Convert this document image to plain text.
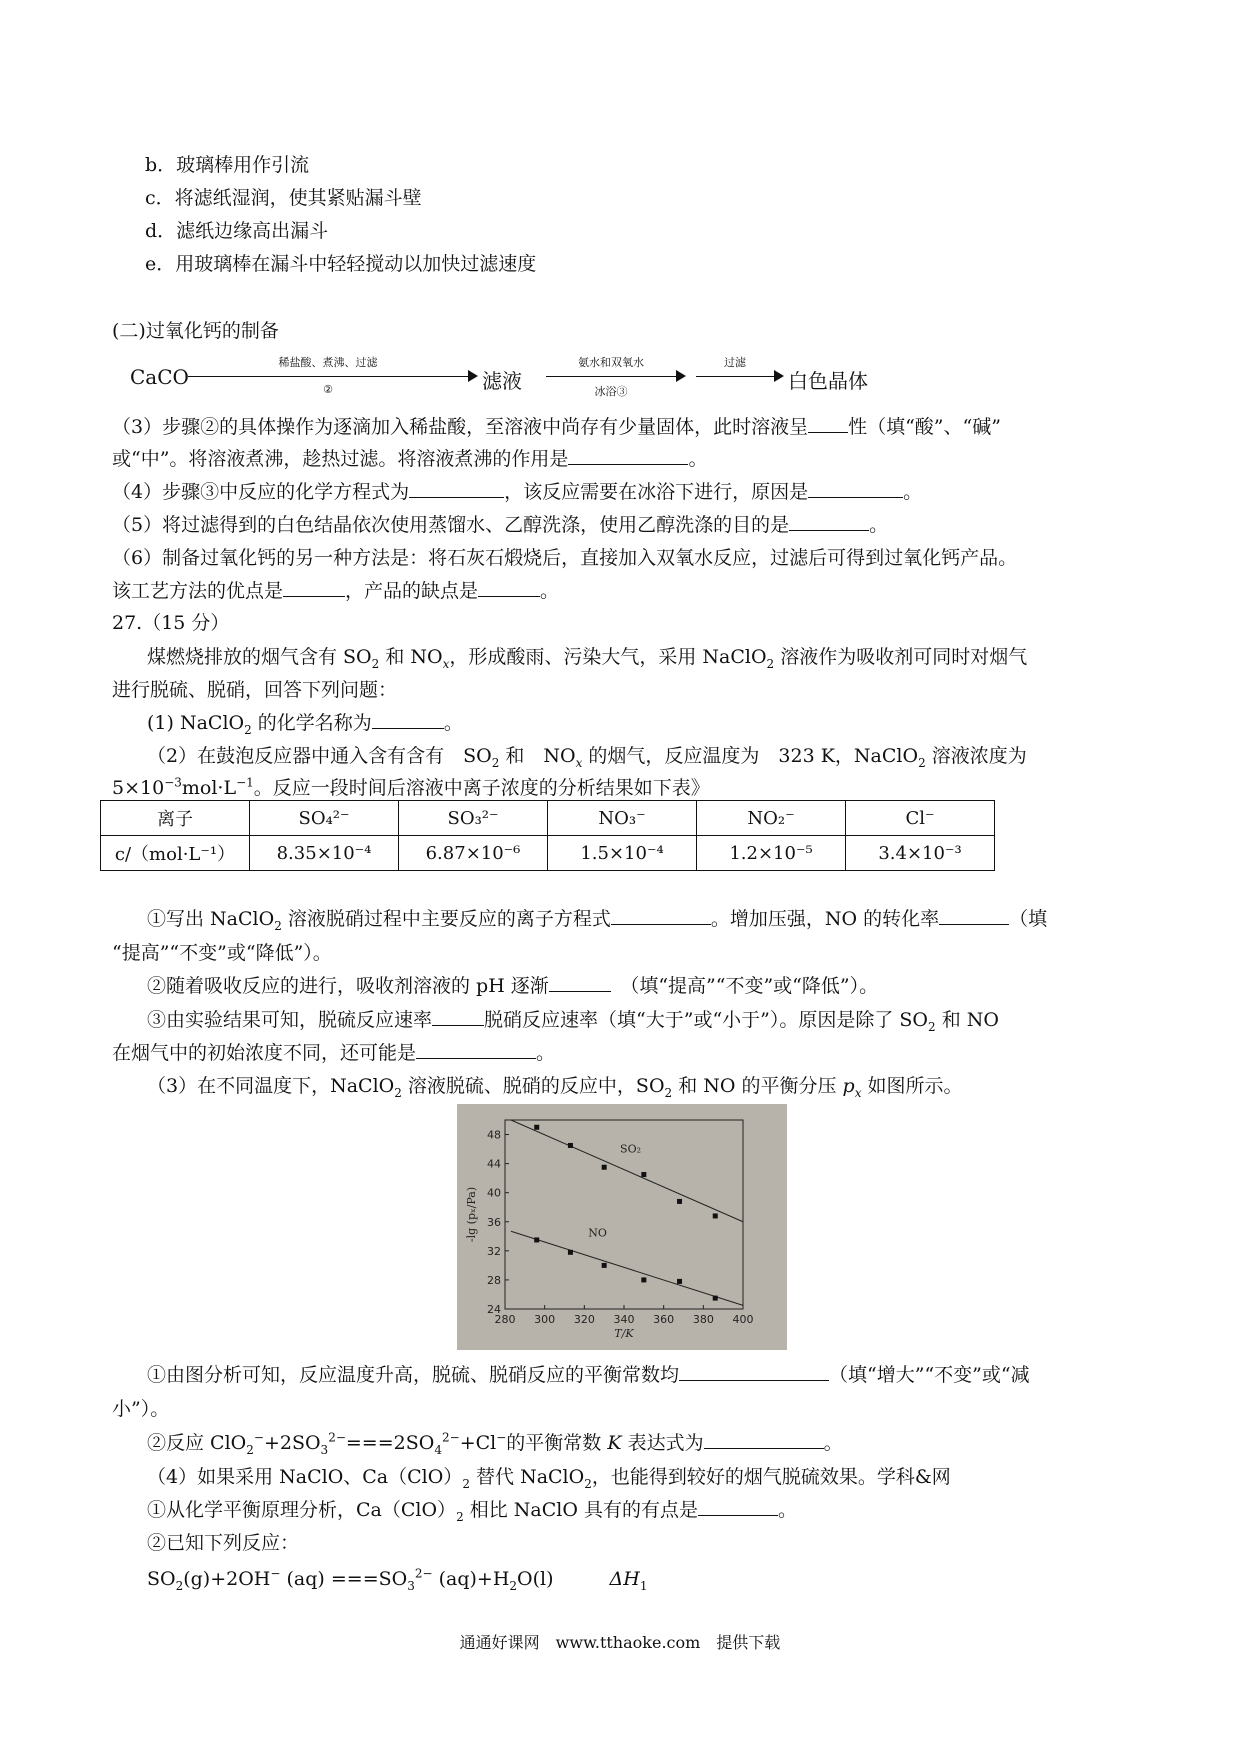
b．玻璃棒用作引流
c．将滤纸湿润，使其紧贴漏斗壁
d．滤纸边缘高出漏斗
e．用玻璃棒在漏斗中轻轻搅动以加快过滤速度
(二)过氧化钙的制备
CaCO
稀盐酸、煮沸、过滤
②	滤液
氨水和双氧水
冰浴③
过滤
白色晶体
（3）步骤②的具体操作为逐滴加入稀盐酸，至溶液中尚存有少量固体，此时溶液呈 性（填“酸”、“碱”
或“中”。将溶液煮沸，趁热过滤。将溶液煮沸的作用是	。
（4）步骤③中反应的化学方程式为	，该反应需要在冰浴下进行，原因是	。
（5）将过滤得到的白色结晶依次使用蒸馏水、乙醇洗涤，使用乙醇洗涤的目的是	。
（6）制备过氧化钙的另一种方法是：将石灰石煅烧后，直接加入双氧水反应，过滤后可得到过氧化钙产品。
该工艺方法的优点是	，产品的缺点是	。
27.（15 分）
煤燃烧排放的烟气含有 $SO_2$ 和 $NO_x$，形成酸雨、污染大气，采用 NaClO$_2$ 溶液作为吸收剂可同时对烟气
进行脱硫、脱硝，回答下列问题：
(1) NaClO$_2$ 的化学名称为	。
（2）在鼓泡反应器中通入含有含有　$SO_2$ 和　$NO_x$ 的烟气，反应温度为　323 K，NaClO$_2$ 溶液浓度为
$5\times 10^{-3}mol\cdot L^{-1}$。反应一段时间后溶液中离子浓度的分析结果如下表》
离子	SO₄²⁻	SO₃²⁻	NO₃⁻	NO₂⁻	Cl⁻
c/（mol·L⁻¹）	8.35×10⁻⁴	6.87×10⁻⁶	1.5×10⁻⁴	1.2×10⁻⁵	3.4×10⁻³
①写出 NaClO$_2$ 溶液脱硝过程中主要反应的离子方程式	。增加压强，NO 的转化率	（填
“提高”“不变”或“降低”）。
②随着吸收反应的进行，吸收剂溶液的 pH 逐渐	　（填“提高”“不变”或“降低”）。
③由实验结果可知，脱硫反应速率	脱硝反应速率（填“大于”或“小于”）。原因是除了 $SO_2$ 和 NO
在烟气中的初始浓度不同，还可能是	。
（3）在不同温度下，NaClO$_2$ 溶液脱硫、脱硝的反应中，$SO_2$ 和 NO 的平衡分压 $p_x$ 如图所示。
280 300 320 340 360 380 400
24
28
32
36
40
44
48
T/K
-lg (pₓ/Pa)
SO₂
NO
①由图分析可知，反应温度升高，脱硫、脱硝反应的平衡常数均	（填“增大”“不变”或“减
小”）。
②反应 $ClO_2^-+2SO_3^{2-}===2SO_4^{2-}+Cl^-$的平衡常数 K 表达式为	。
（4）如果采用 NaClO、$Ca(ClO)_2$ 替代 NaClO$_2$，也能得到较好的烟气脱硫效果。学科&网
①从化学平衡原理分析，$Ca(ClO)_2$ 相比 NaClO 具有的有点是	。
②已知下列反应：
$SO_2(g)+2OH^-$ $(aq) ===SO_3^{2-}$ $(aq)+H_2O(l)$	$\Delta H_1$
通通好课网　www.tthaoke.com　提供下载
